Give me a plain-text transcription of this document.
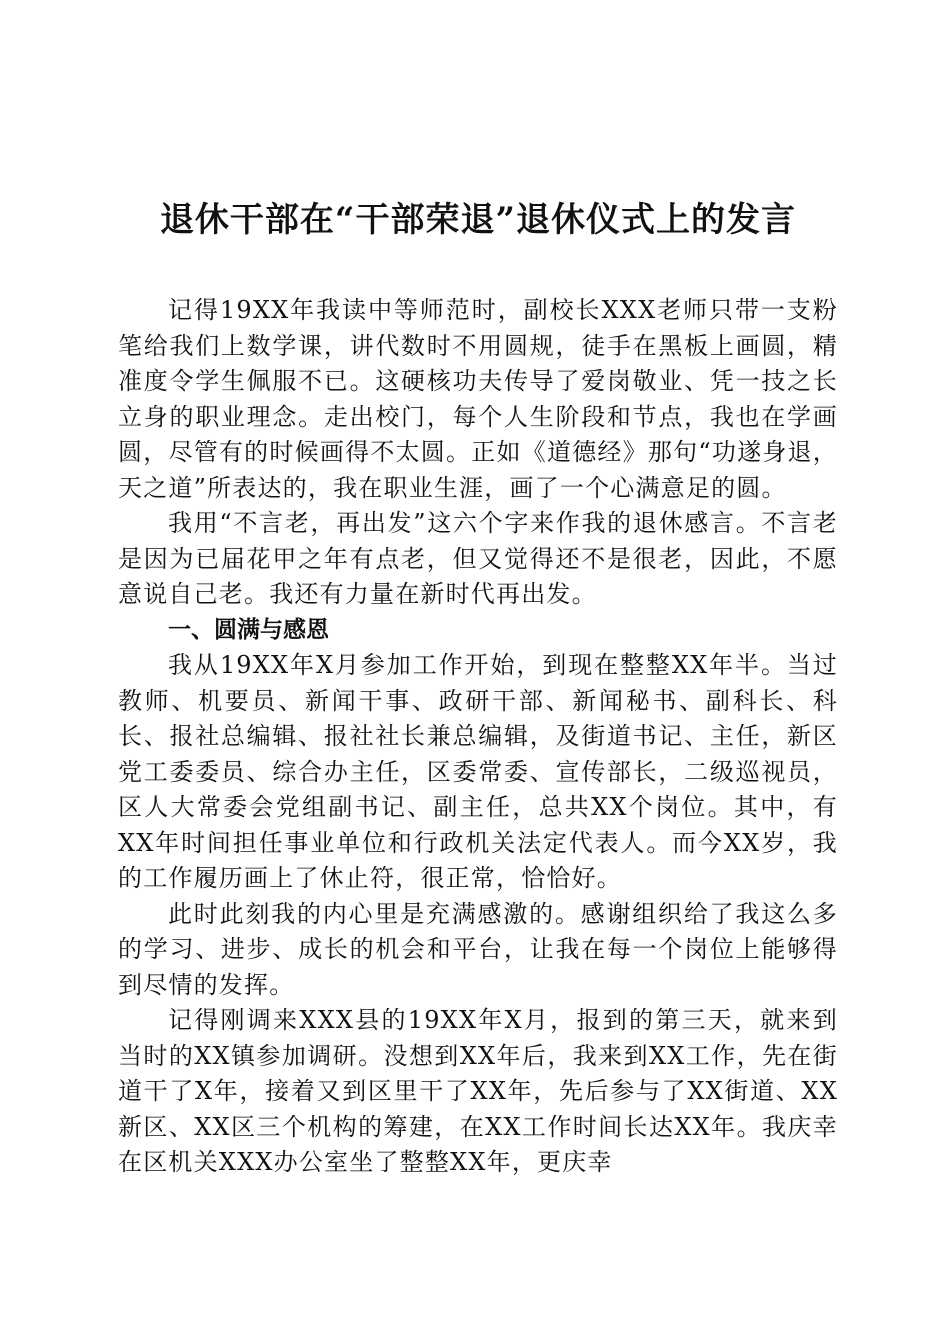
退休干部在“干部荣退”退休仪式上的发言

记得19XX年我读中等师范时，副校长XXX老师只带一支粉笔给我们上数学课，讲代数时不用圆规，徒手在黑板上画圆，精准度令学生佩服不已。这硬核功夫传导了爱岗敬业、凭一技之长立身的职业理念。走出校门，每个人生阶段和节点，我也在学画圆，尽管有的时候画得不太圆。正如《道德经》那句“功遂身退，天之道”所表达的，我在职业生涯，画了一个心满意足的圆。

我用“不言老，再出发”这六个字来作我的退休感言。不言老是因为已届花甲之年有点老，但又觉得还不是很老，因此，不愿意说自己老。我还有力量在新时代再出发。

一、圆满与感恩

我从19XX年X月参加工作开始，到现在整整XX年半。当过教师、机要员、新闻干事、政研干部、新闻秘书、副科长、科长、报社总编辑、报社社长兼总编辑，及街道书记、主任，新区党工委委员、综合办主任，区委常委、宣传部长，二级巡视员，区人大常委会党组副书记、副主任，总共XX个岗位。其中，有XX年时间担任事业单位和行政机关法定代表人。而今XX岁，我的工作履历画上了休止符，很正常，恰恰好。

此时此刻我的内心里是充满感激的。感谢组织给了我这么多的学习、进步、成长的机会和平台，让我在每一个岗位上能够得到尽情的发挥。

记得刚调来XXX县的19XX年X月，报到的第三天，就来到当时的XX镇参加调研。没想到XX年后，我来到XX工作，先在街道干了X年，接着又到区里干了XX年，先后参与了XX街道、XX新区、XX区三个机构的筹建，在XX工作时间长达XX年。我庆幸在区机关XXX办公室坐了整整XX年，更庆幸
